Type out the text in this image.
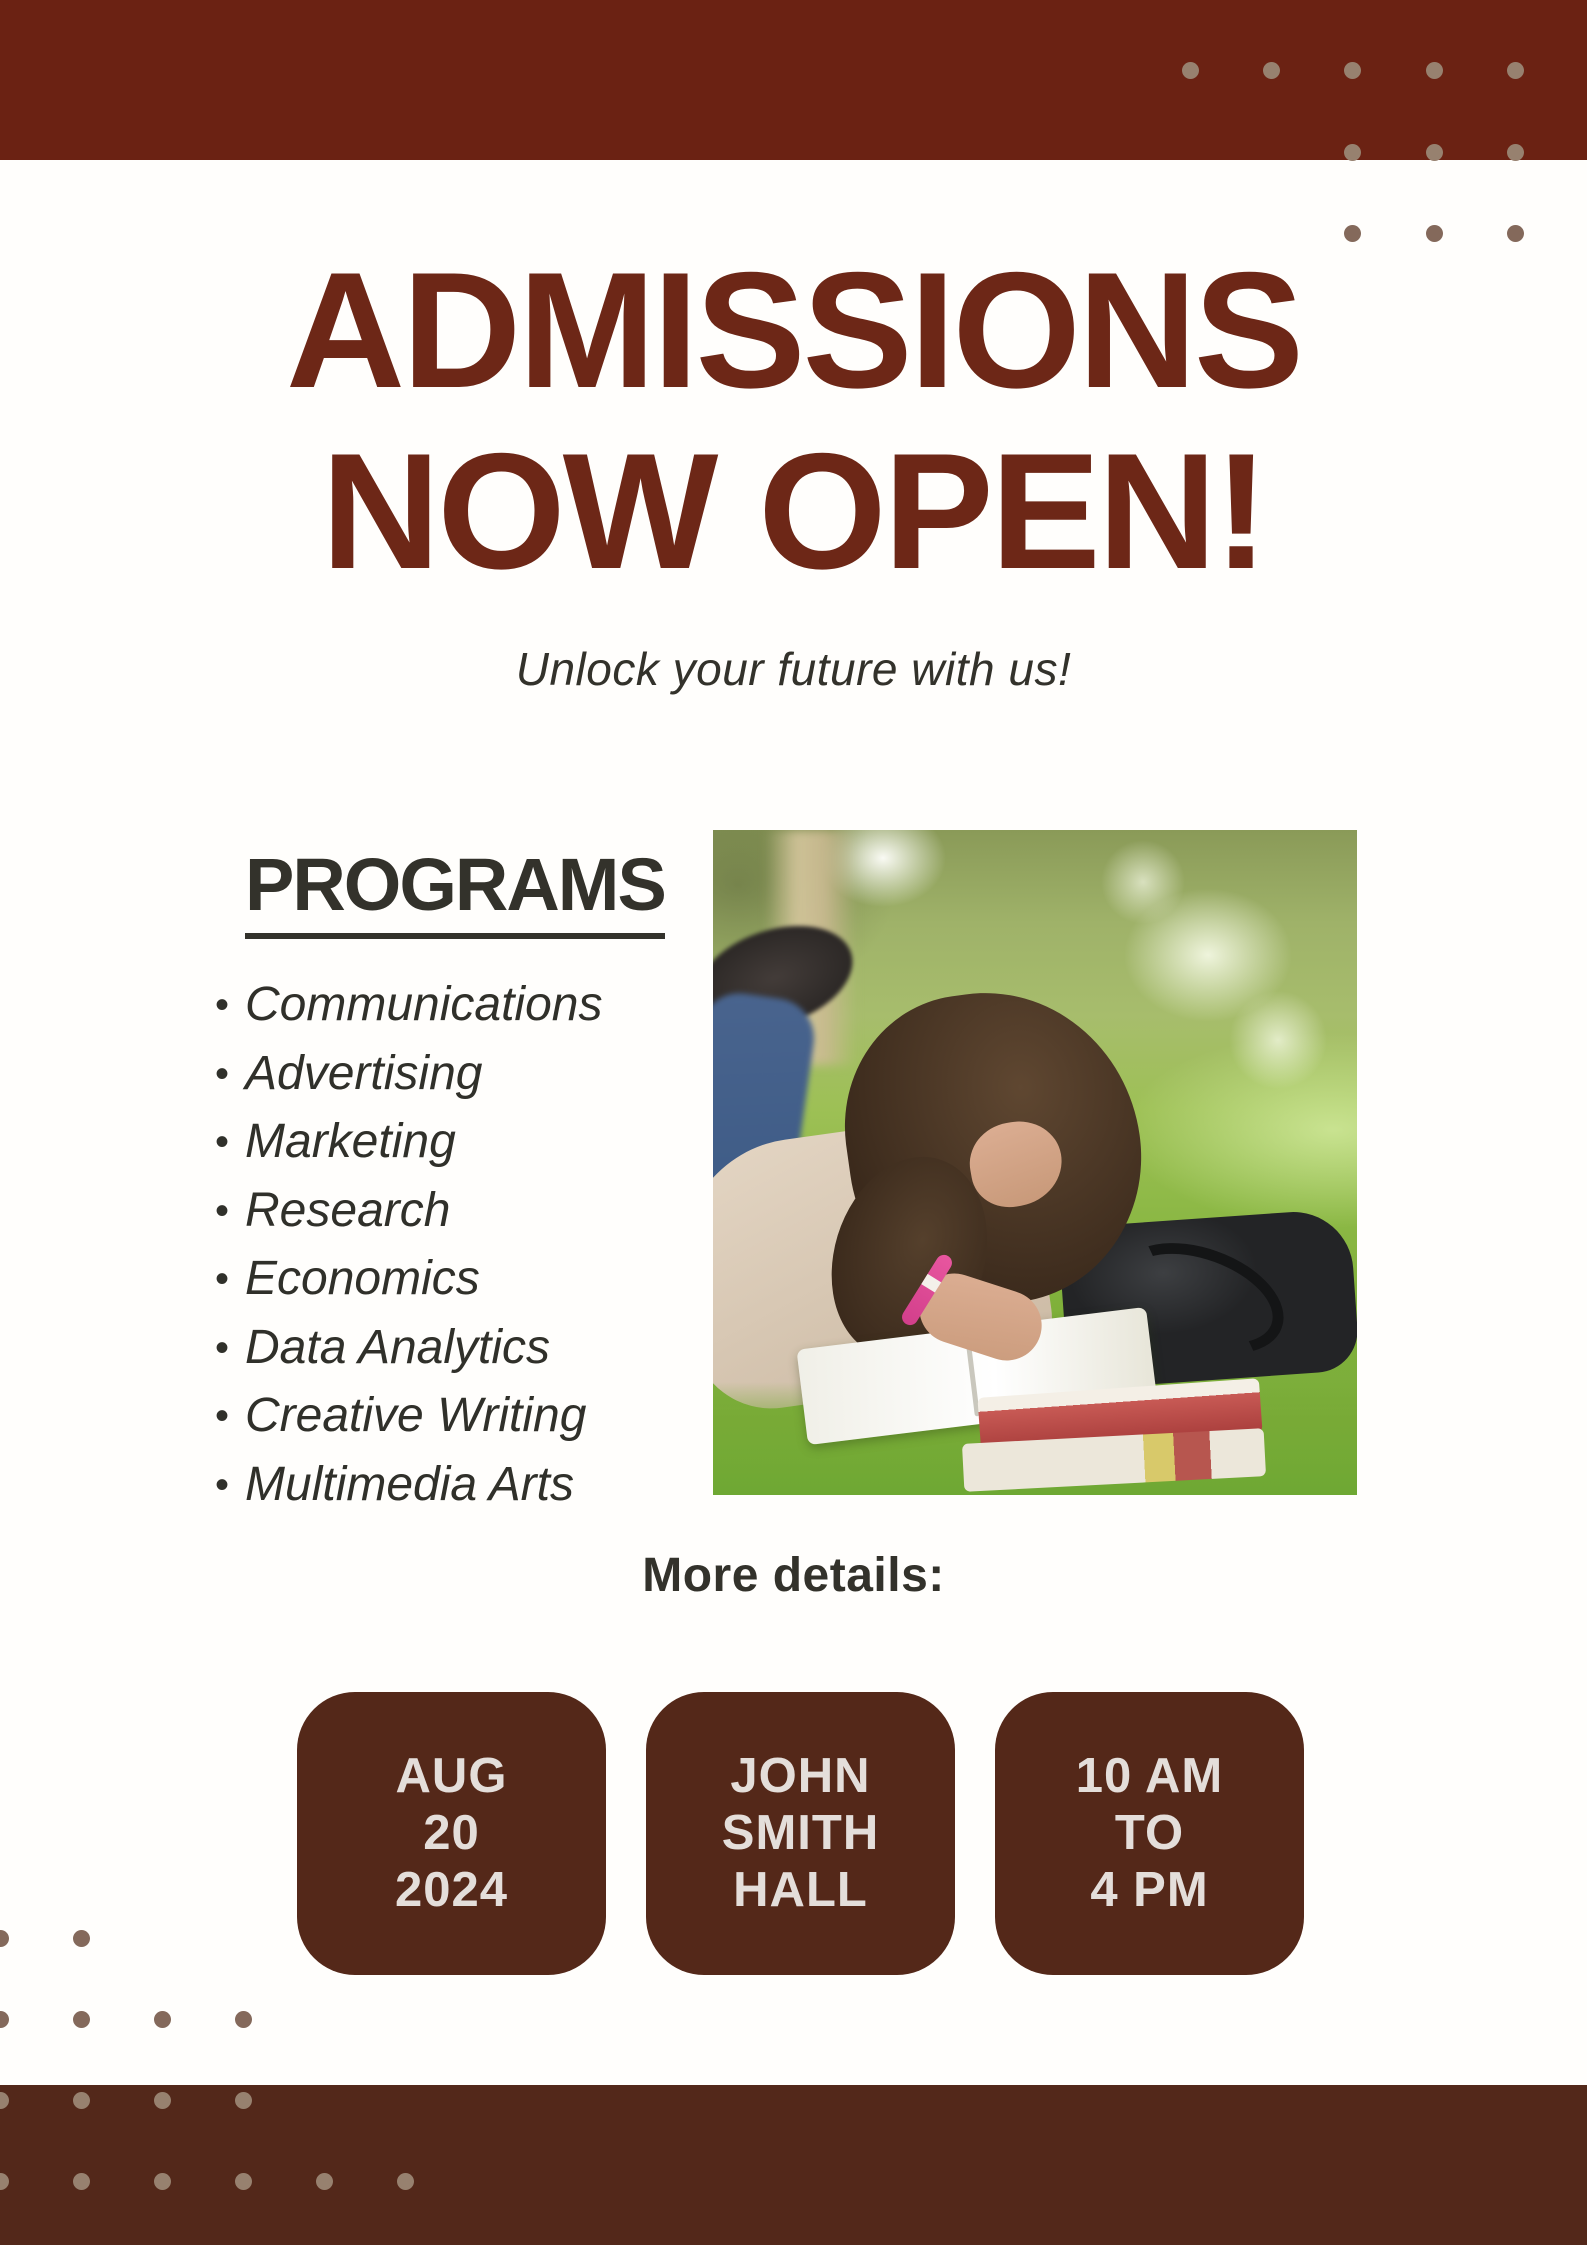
ADMISSIONS
NOW OPEN!

Unlock your future with us!

PROGRAMS
• Communications
• Advertising
• Marketing
• Research
• Economics
• Data Analytics
• Creative Writing
• Multimedia Arts

More details:

AUG
20
2024
JOHN
SMITH
HALL
10 AM
TO
4 PM
